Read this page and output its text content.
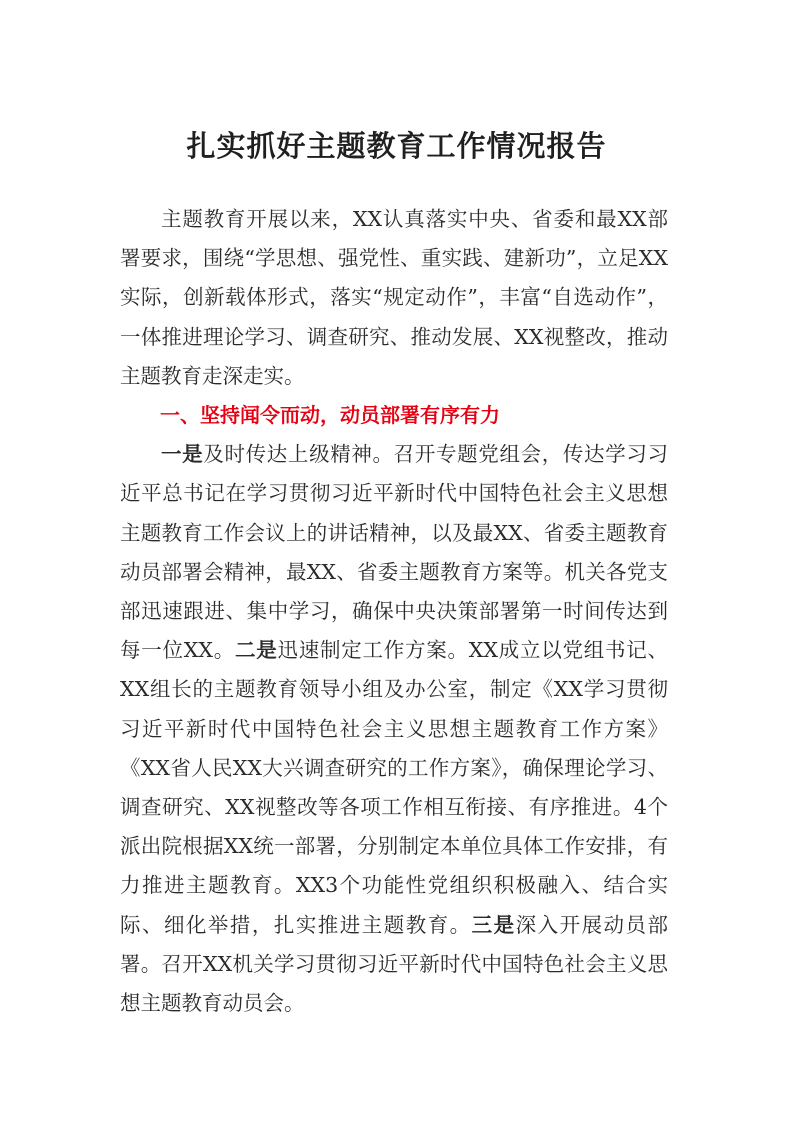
扎实抓好主题教育工作情况报告

主题教育开展以来，XX认真落实中央、省委和最XX部署要求，围绕“学思想、强党性、重实践、建新功”，立足XX实际，创新载体形式，落实“规定动作”，丰富“自选动作”，一体推进理论学习、调查研究、推动发展、XX视整改，推动主题教育走深走实。

一、坚持闻令而动，动员部署有序有力

一是及时传达上级精神。召开专题党组会，传达学习习近平总书记在学习贯彻习近平新时代中国特色社会主义思想主题教育工作会议上的讲话精神，以及最XX、省委主题教育动员部署会精神，最XX、省委主题教育方案等。机关各党支部迅速跟进、集中学习，确保中央决策部署第一时间传达到每一位XX。二是迅速制定工作方案。XX成立以党组书记、XX组长的主题教育领导小组及办公室，制定《XX学习贯彻习近平新时代中国特色社会主义思想主题教育工作方案》《XX省人民XX大兴调查研究的工作方案》，确保理论学习、调查研究、XX视整改等各项工作相互衔接、有序推进。4个派出院根据XX统一部署，分别制定本单位具体工作安排，有力推进主题教育。XX3个功能性党组织积极融入、结合实际、细化举措，扎实推进主题教育。三是深入开展动员部署。召开XX机关学习贯彻习近平新时代中国特色社会主义思想主题教育动员会。
